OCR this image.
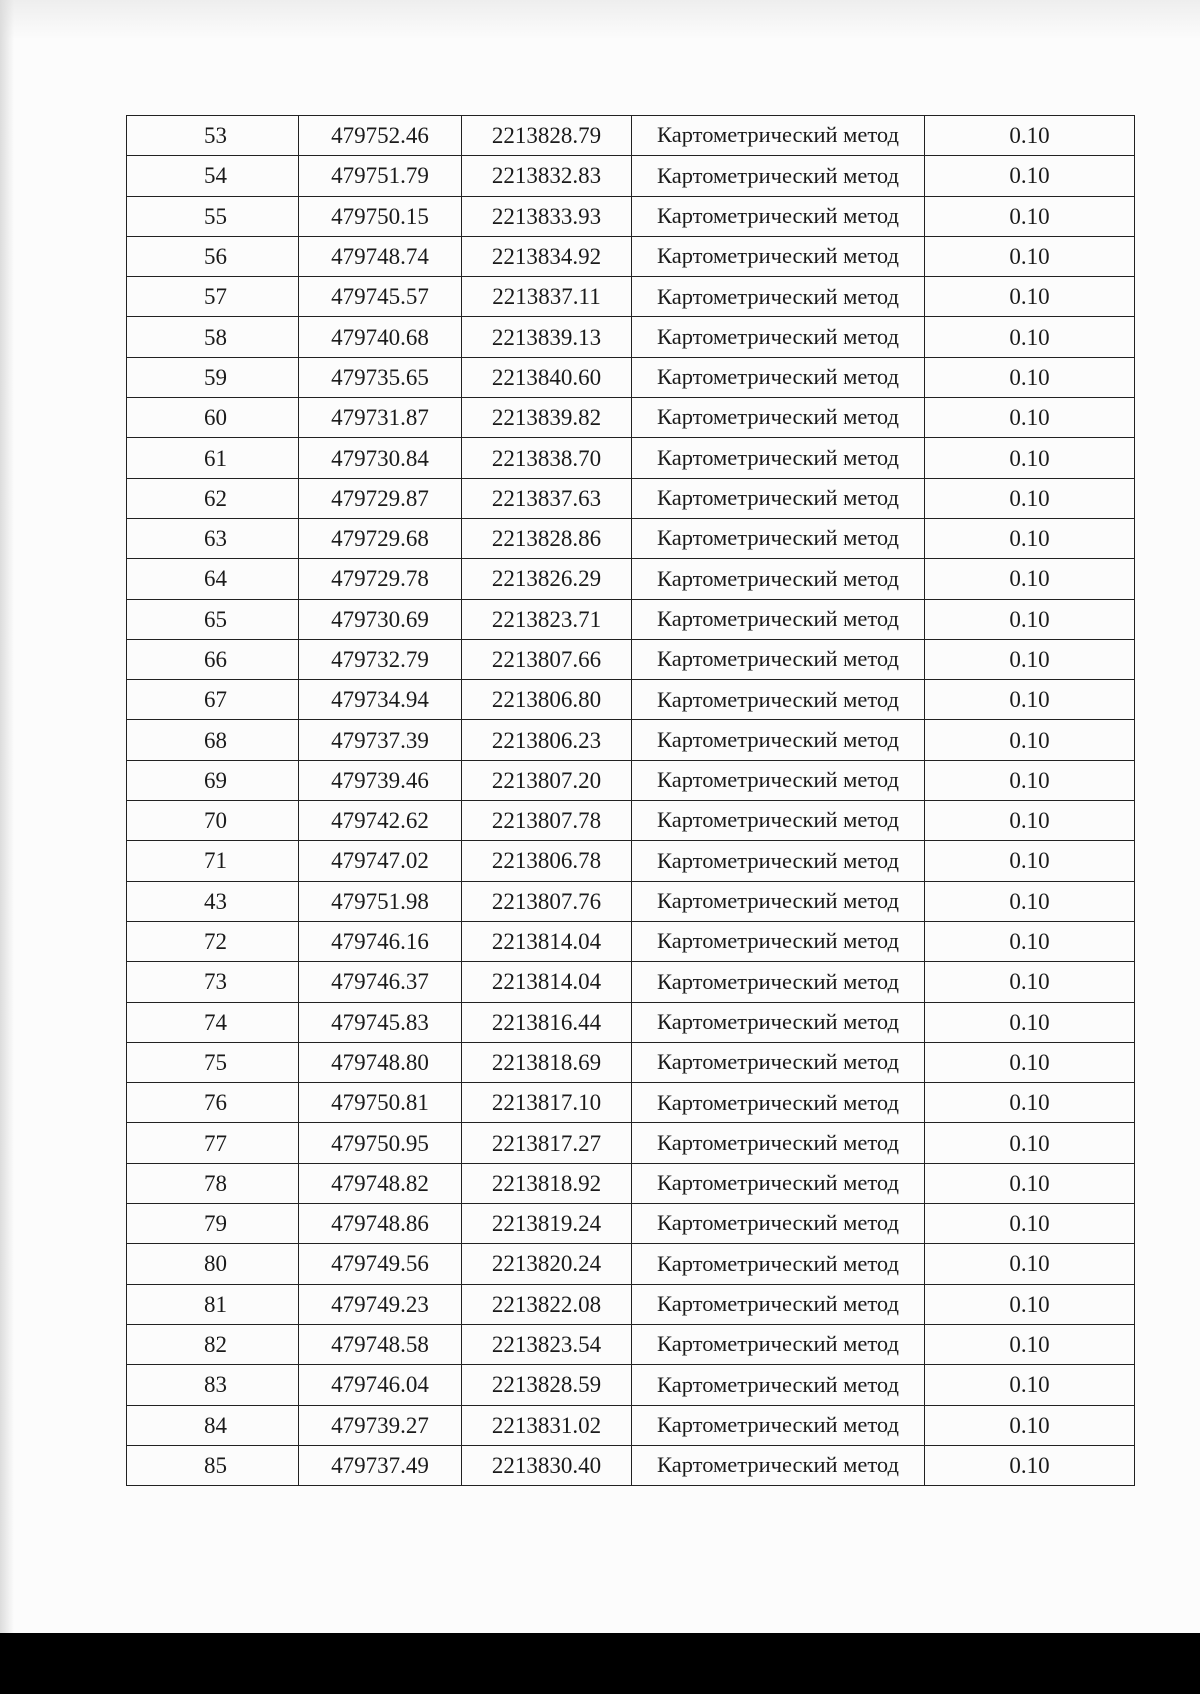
53	479752.46	2213828.79	Картометрический метод	0.10
54	479751.79	2213832.83	Картометрический метод	0.10
55	479750.15	2213833.93	Картометрический метод	0.10
56	479748.74	2213834.92	Картометрический метод	0.10
57	479745.57	2213837.11	Картометрический метод	0.10
58	479740.68	2213839.13	Картометрический метод	0.10
59	479735.65	2213840.60	Картометрический метод	0.10
60	479731.87	2213839.82	Картометрический метод	0.10
61	479730.84	2213838.70	Картометрический метод	0.10
62	479729.87	2213837.63	Картометрический метод	0.10
63	479729.68	2213828.86	Картометрический метод	0.10
64	479729.78	2213826.29	Картометрический метод	0.10
65	479730.69	2213823.71	Картометрический метод	0.10
66	479732.79	2213807.66	Картометрический метод	0.10
67	479734.94	2213806.80	Картометрический метод	0.10
68	479737.39	2213806.23	Картометрический метод	0.10
69	479739.46	2213807.20	Картометрический метод	0.10
70	479742.62	2213807.78	Картометрический метод	0.10
71	479747.02	2213806.78	Картометрический метод	0.10
43	479751.98	2213807.76	Картометрический метод	0.10
72	479746.16	2213814.04	Картометрический метод	0.10
73	479746.37	2213814.04	Картометрический метод	0.10
74	479745.83	2213816.44	Картометрический метод	0.10
75	479748.80	2213818.69	Картометрический метод	0.10
76	479750.81	2213817.10	Картометрический метод	0.10
77	479750.95	2213817.27	Картометрический метод	0.10
78	479748.82	2213818.92	Картометрический метод	0.10
79	479748.86	2213819.24	Картометрический метод	0.10
80	479749.56	2213820.24	Картометрический метод	0.10
81	479749.23	2213822.08	Картометрический метод	0.10
82	479748.58	2213823.54	Картометрический метод	0.10
83	479746.04	2213828.59	Картометрический метод	0.10
84	479739.27	2213831.02	Картометрический метод	0.10
85	479737.49	2213830.40	Картометрический метод	0.10
